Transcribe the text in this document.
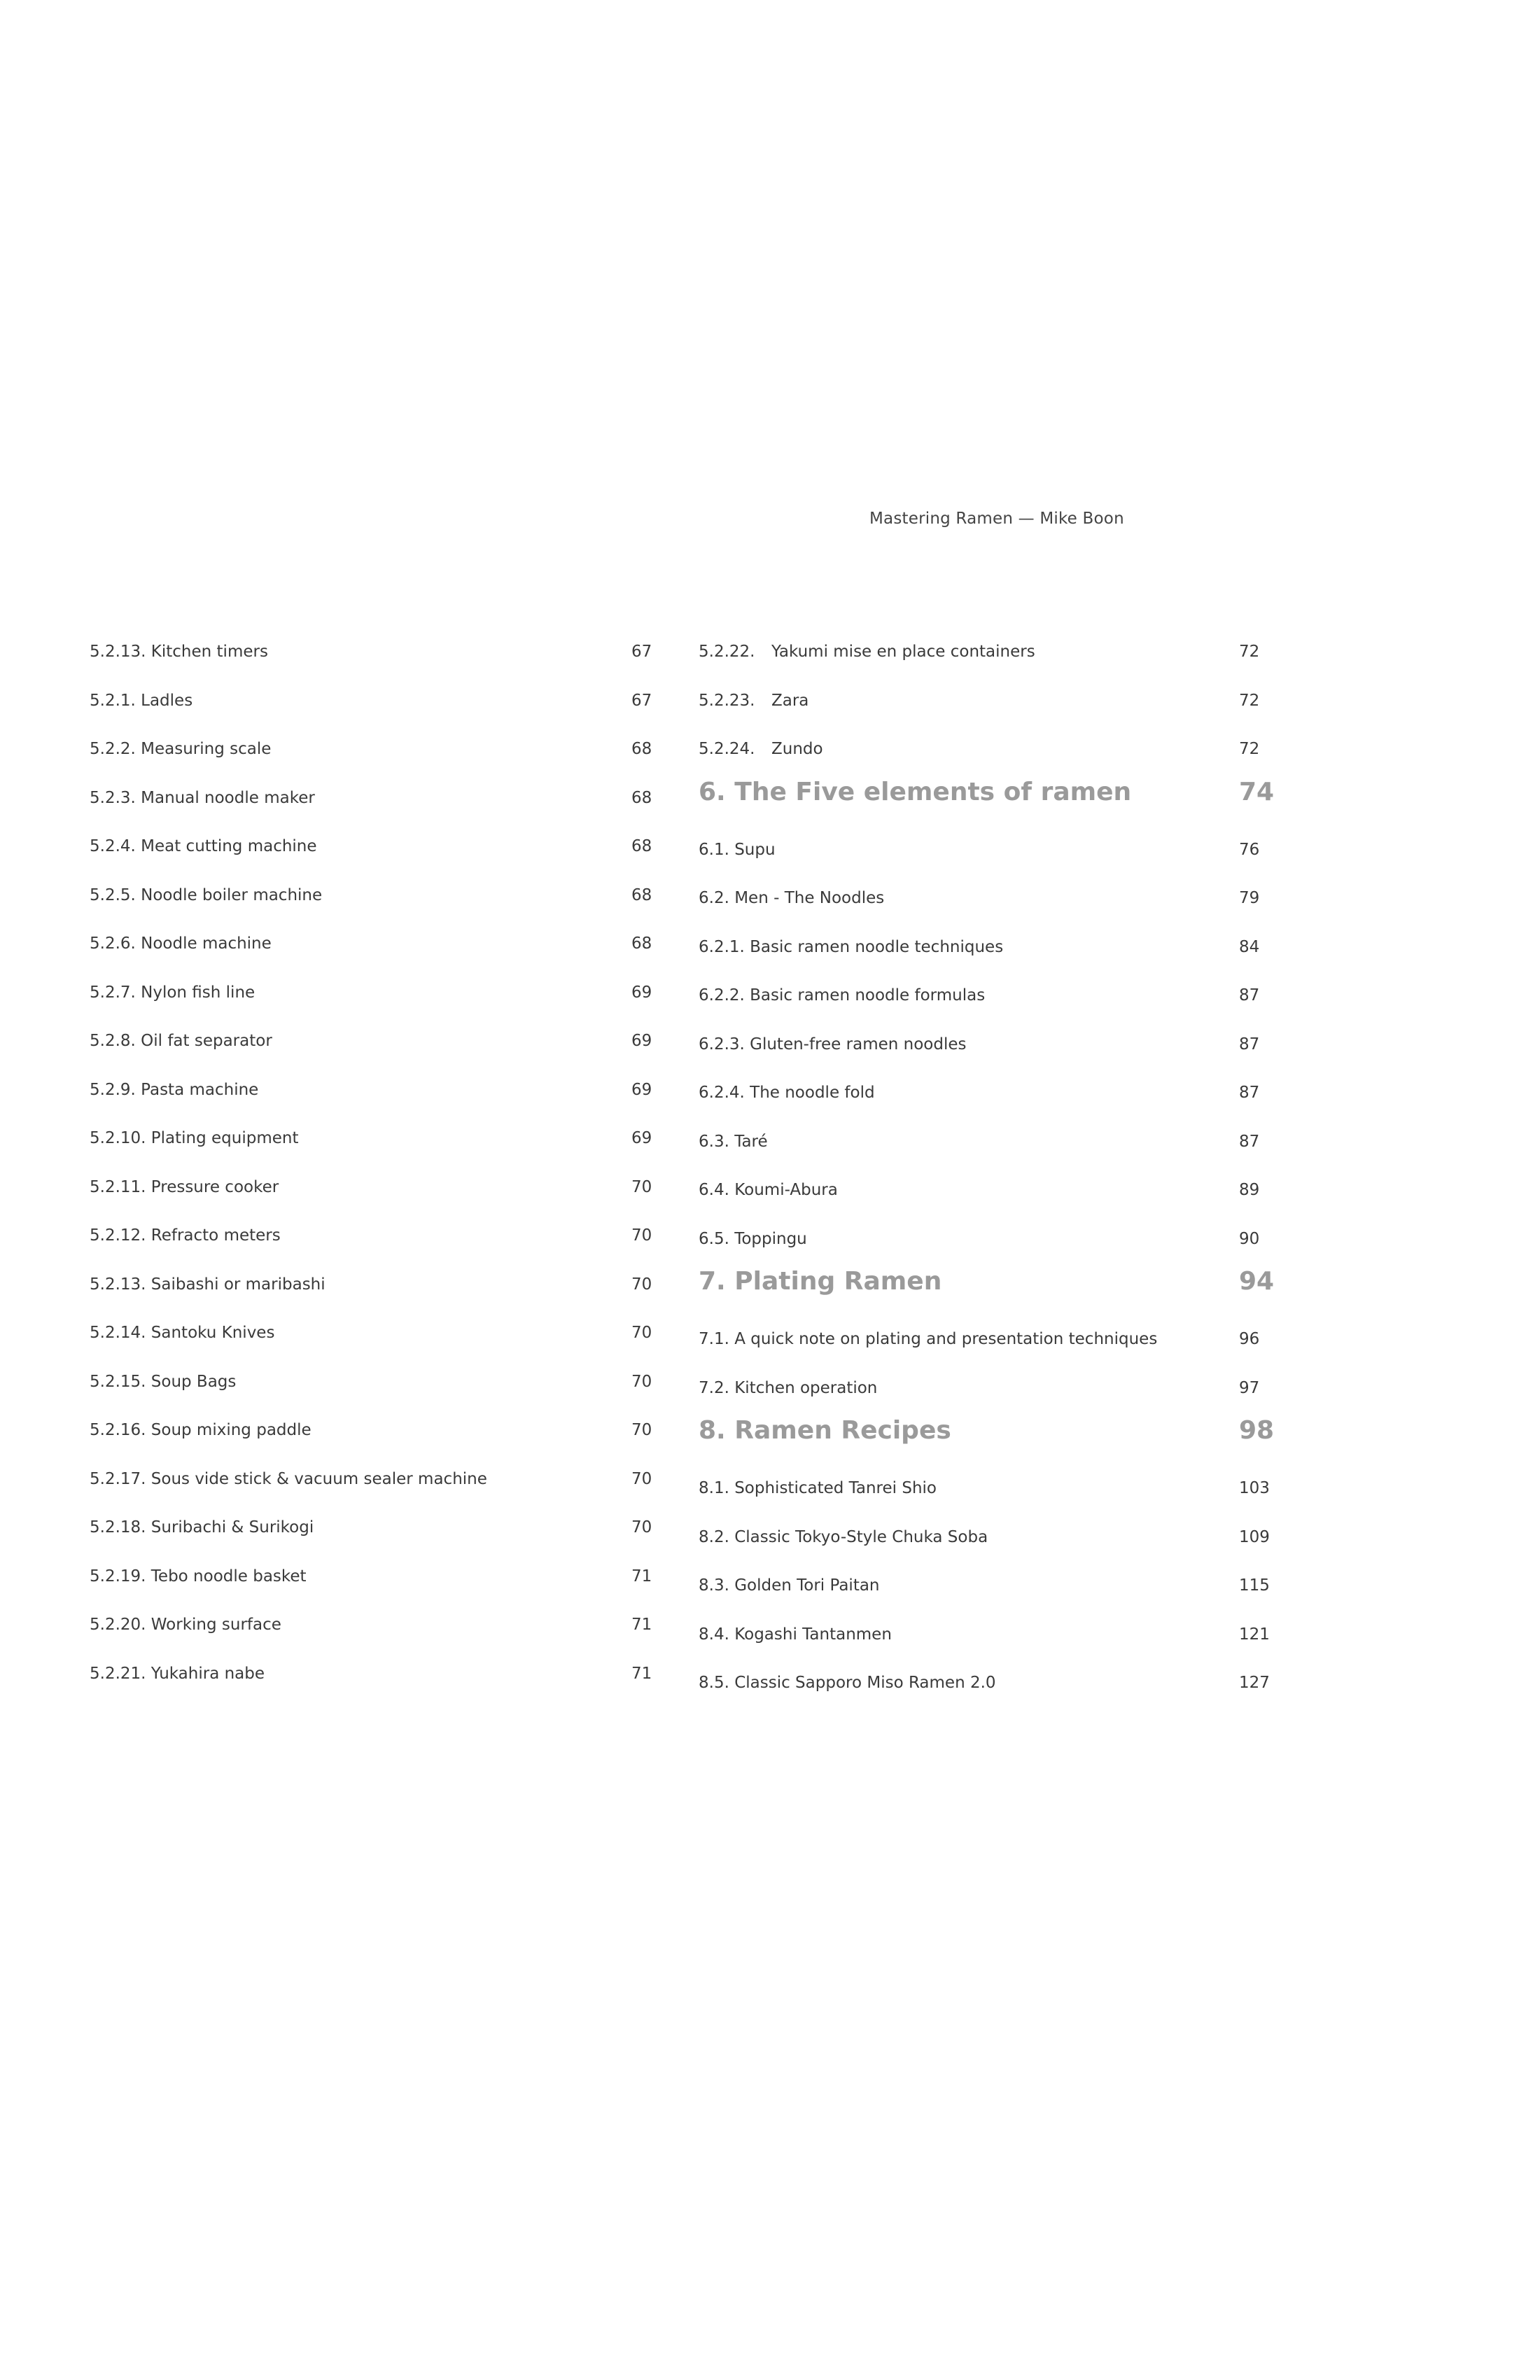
Mastering Ramen — Mike Boon
5.2.13. Kitchen timers	67
5.2.1. Ladles	67
5.2.2. Measuring scale	68
5.2.3. Manual noodle maker	68
5.2.4. Meat cutting machine	68
5.2.5. Noodle boiler machine	68
5.2.6. Noodle machine	68
5.2.7. Nylon fish line	69
5.2.8. Oil fat separator	69
5.2.9. Pasta machine	69
5.2.10. Plating equipment	69
5.2.11. Pressure cooker	70
5.2.12. Refracto meters	70
5.2.13. Saibashi or maribashi	70
5.2.14. Santoku Knives	70
5.2.15. Soup Bags	70
5.2.16. Soup mixing paddle	70
5.2.17. Sous vide stick & vacuum sealer machine	70
5.2.18. Suribachi & Surikogi	70
5.2.19. Tebo noodle basket	71
5.2.20. Working surface	71
5.2.21. Yukahira nabe	71
5.2.22. Yakumi mise en place containers	72
5.2.23. Zara	72
5.2.24. Zundo	72
6. The Five elements of ramen	74
6.1. Supu	76
6.2. Men - The Noodles	79
6.2.1. Basic ramen noodle techniques	84
6.2.2. Basic ramen noodle formulas	87
6.2.3. Gluten-free ramen noodles	87
6.2.4. The noodle fold	87
6.3. Taré	87
6.4. Koumi-Abura	89
6.5. Toppingu	90
7. Plating Ramen	94
7.1. A quick note on plating and presentation techniques	96
7.2. Kitchen operation	97
8. Ramen Recipes	98
8.1. Sophisticated Tanrei Shio	103
8.2. Classic Tokyo-Style Chuka Soba	109
8.3. Golden Tori Paitan	115
8.4. Kogashi Tantanmen	121
8.5. Classic Sapporo Miso Ramen 2.0	127
